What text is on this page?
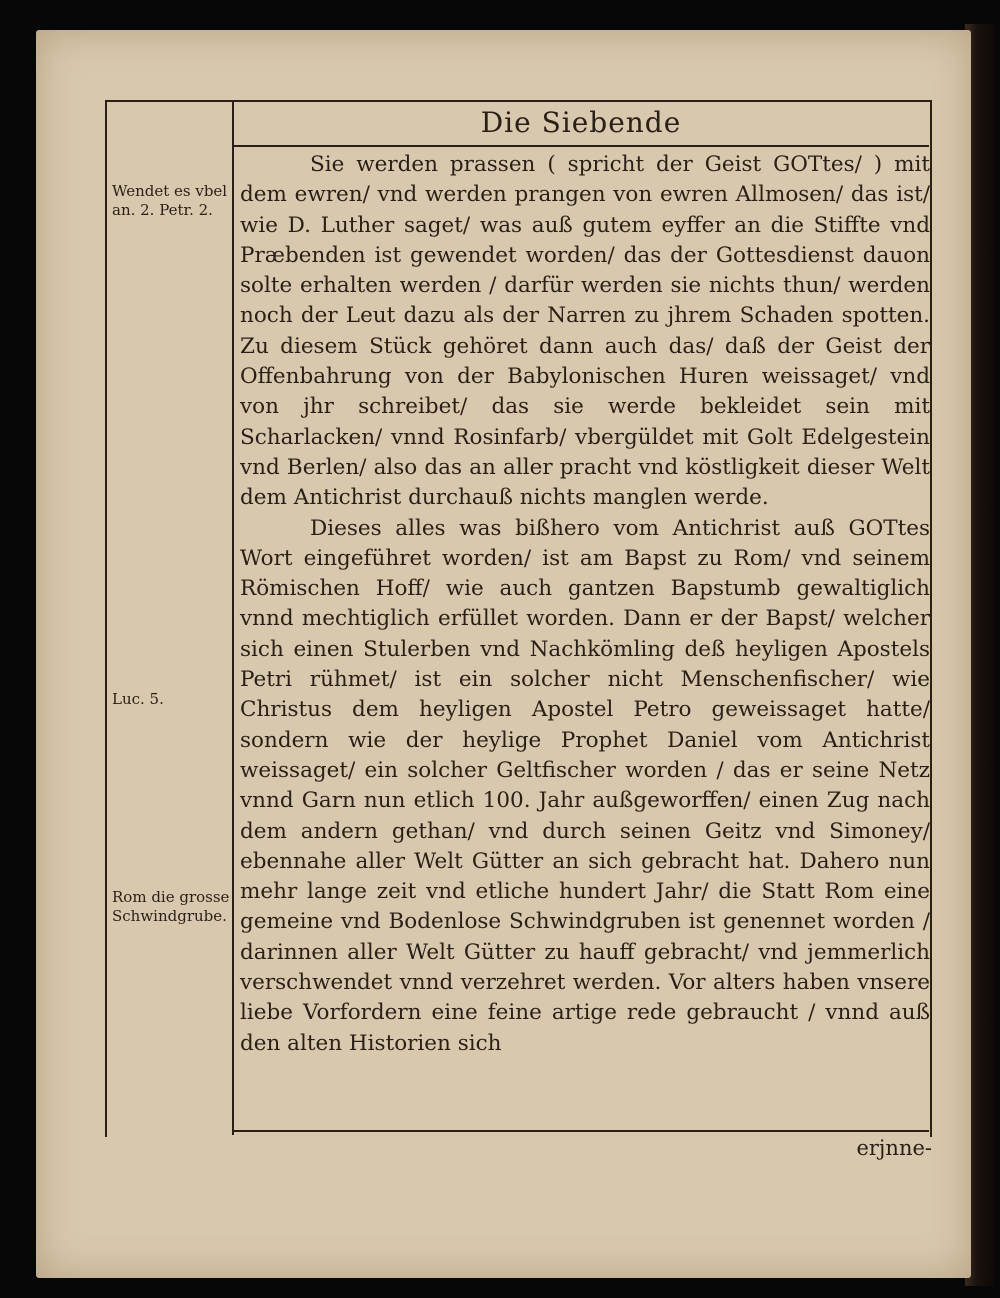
Die Siebende
Wendet es vbel an. 2. Petr. 2.
Luc. 5.
Rom die grosse Schwindgrube.

Sie werden prassen ( spricht der Geist GOTtes/ ) mit dem ewren/ vnd werden prangen von ewren Allmosen/ das ist/ wie D. Luther saget/ was auß gutem eyffer an die Stiffte vnd Præbenden ist gewendet worden/ das der Gottesdienst dauon solte erhalten werden / darfür werden sie nichts thun/ werden noch der Leut dazu als der Narren zu jhrem Schaden spotten. Zu diesem Stück gehöret dann auch das/ daß der Geist der Offenbahrung von der Babylonischen Huren weissaget/ vnd von jhr schreibet/ das sie werde bekleidet sein mit Scharlacken/ vnnd Rosinfarb/ vbergüldet mit Golt Edelgestein vnd Berlen/ also das an aller pracht vnd köstligkeit dieser Welt dem Antichrist durchauß nichts manglen werde.

Dieses alles was bißhero vom Antichrist auß GOTtes Wort eingeführet worden/ ist am Bapst zu Rom/ vnd seinem Römischen Hoff/ wie auch gantzen Bapstumb gewaltiglich vnnd mechtiglich erfüllet worden. Dann er der Bapst/ welcher sich einen Stulerben vnd Nachkömling deß heyligen Apostels Petri rühmet/ ist ein solcher nicht Menschenfischer/ wie Christus dem heyligen Apostel Petro geweissaget hatte/ sondern wie der heylige Prophet Daniel vom Antichrist weissaget/ ein solcher Geltfischer worden / das er seine Netz vnnd Garn nun etlich 100. Jahr außgeworffen/ einen Zug nach dem andern gethan/ vnd durch seinen Geitz vnd Simoney/ ebennahe aller Welt Gütter an sich gebracht hat. Dahero nun mehr lange zeit vnd etliche hundert Jahr/ die Statt Rom eine gemeine vnd Bodenlose Schwindgruben ist genennet worden / darinnen aller Welt Gütter zu hauff gebracht/ vnd jemmerlich verschwendet vnnd verzehret werden. Vor alters haben vnsere liebe Vorfordern eine feine artige rede gebraucht / vnnd auß den alten Historien sich

erjnne-
